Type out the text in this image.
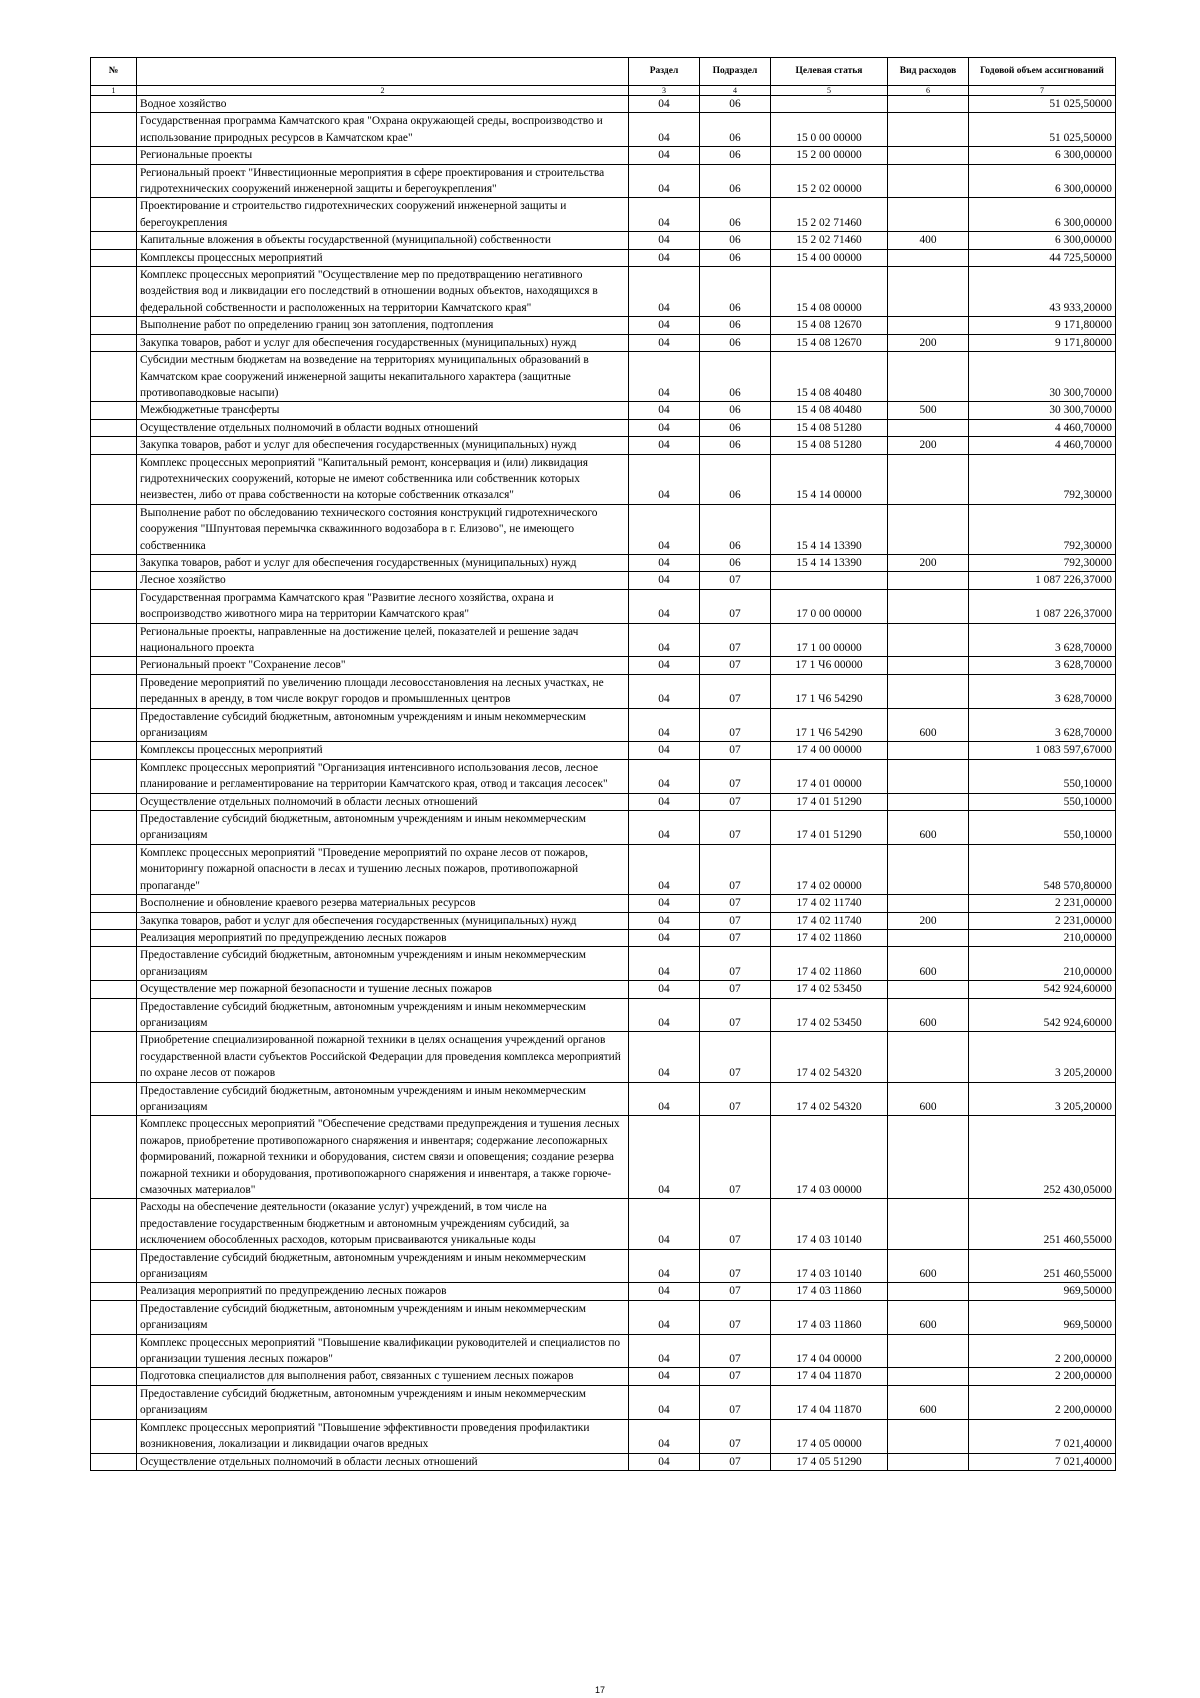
№		Раздел	Подраздел	Целевая статья	Вид расходов	Годовой объем ассигнований
1	2	3	4	5	6	7
	Водное хозяйство	04	06			51 025,50000
	Государственная программа Камчатского края "Охрана окружающей среды, воспроизводство и использование природных ресурсов в Камчатском крае"	04	06	15 0 00 00000		51 025,50000
	Региональные проекты	04	06	15 2 00 00000		6 300,00000
	Региональный проект "Инвестиционные мероприятия в сфере проектирования и строительства гидротехнических сооружений инженерной защиты и берегоукрепления"	04	06	15 2 02 00000		6 300,00000
	Проектирование и строительство гидротехнических сооружений инженерной защиты и берегоукрепления	04	06	15 2 02 71460		6 300,00000
	Капитальные вложения в объекты государственной (муниципальной) собственности	04	06	15 2 02 71460	400	6 300,00000
	Комплексы процессных мероприятий	04	06	15 4 00 00000		44 725,50000
	Комплекс процессных мероприятий "Осуществление мер по предотвращению негативного воздействия вод и ликвидации его последствий в отношении водных объектов, находящихся в федеральной собственности и расположенных на территории Камчатского края"	04	06	15 4 08 00000		43 933,20000
	Выполнение работ по определению границ зон затопления, подтопления	04	06	15 4 08 12670		9 171,80000
	Закупка товаров, работ и услуг для обеспечения государственных (муниципальных) нужд	04	06	15 4 08 12670	200	9 171,80000
	Субсидии местным бюджетам на возведение на территориях муниципальных образований в Камчатском крае сооружений инженерной защиты некапитального характера (защитные противопаводковые насыпи)	04	06	15 4 08 40480		30 300,70000
	Межбюджетные трансферты	04	06	15 4 08 40480	500	30 300,70000
	Осуществление отдельных полномочий в области водных отношений	04	06	15 4 08 51280		4 460,70000
	Закупка товаров, работ и услуг для обеспечения государственных (муниципальных) нужд	04	06	15 4 08 51280	200	4 460,70000
	Комплекс процессных мероприятий "Капитальный ремонт, консервация и (или) ликвидация гидротехнических сооружений, которые не имеют собственника или собственник которых неизвестен, либо от права собственности на которые собственник отказался"	04	06	15 4 14 00000		792,30000
	Выполнение работ по обследованию технического состояния конструкций гидротехнического сооружения "Шпунтовая перемычка скважинного водозабора в г. Елизово", не имеющего собственника	04	06	15 4 14 13390		792,30000
	Закупка товаров, работ и услуг для обеспечения государственных (муниципальных) нужд	04	06	15 4 14 13390	200	792,30000
	Лесное хозяйство	04	07			1 087 226,37000
	Государственная программа Камчатского края "Развитие лесного хозяйства, охрана и воспроизводство животного мира на территории Камчатского края"	04	07	17 0 00 00000		1 087 226,37000
	Региональные проекты, направленные на достижение целей, показателей и решение задач национального проекта	04	07	17 1 00 00000		3 628,70000
	Региональный проект "Сохранение лесов"	04	07	17 1 Ч6 00000		3 628,70000
	Проведение мероприятий по увеличению площади лесовосстановления на лесных участках, не переданных в аренду, в том числе вокруг городов и промышленных центров	04	07	17 1 Ч6 54290		3 628,70000
	Предоставление субсидий бюджетным, автономным учреждениям и иным некоммерческим организациям	04	07	17 1 Ч6 54290	600	3 628,70000
	Комплексы процессных мероприятий	04	07	17 4 00 00000		1 083 597,67000
	Комплекс процессных мероприятий "Организация интенсивного использования лесов, лесное планирование и регламентирование на территории Камчатского края, отвод и таксация лесосек"	04	07	17 4 01 00000		550,10000
	Осуществление отдельных полномочий в области лесных отношений	04	07	17 4 01 51290		550,10000
	Предоставление субсидий бюджетным, автономным учреждениям и иным некоммерческим организациям	04	07	17 4 01 51290	600	550,10000
	Комплекс процессных мероприятий "Проведение мероприятий по охране лесов от пожаров, мониторингу пожарной опасности в лесах и тушению лесных пожаров, противопожарной пропаганде"	04	07	17 4 02 00000		548 570,80000
	Восполнение и обновление краевого резерва материальных ресурсов	04	07	17 4 02 11740		2 231,00000
	Закупка товаров, работ и услуг для обеспечения государственных (муниципальных) нужд	04	07	17 4 02 11740	200	2 231,00000
	Реализация мероприятий по предупреждению лесных пожаров	04	07	17 4 02 11860		210,00000
	Предоставление субсидий бюджетным, автономным учреждениям и иным некоммерческим организациям	04	07	17 4 02 11860	600	210,00000
	Осуществление мер пожарной безопасности и тушение лесных пожаров	04	07	17 4 02 53450		542 924,60000
	Предоставление субсидий бюджетным, автономным учреждениям и иным некоммерческим организациям	04	07	17 4 02 53450	600	542 924,60000
	Приобретение специализированной пожарной техники в целях оснащения учреждений органов государственной власти субъектов Российской Федерации для проведения комплекса мероприятий по охране лесов от пожаров	04	07	17 4 02 54320		3 205,20000
	Предоставление субсидий бюджетным, автономным учреждениям и иным некоммерческим организациям	04	07	17 4 02 54320	600	3 205,20000
	Комплекс процессных мероприятий "Обеспечение средствами предупреждения и тушения лесных пожаров, приобретение противопожарного снаряжения и инвентаря; содержание лесопожарных формирований, пожарной техники и оборудования, систем связи и оповещения; создание резерва пожарной техники и оборудования, противопожарного снаряжения и инвентаря, а также горюче-смазочных материалов"	04	07	17 4 03 00000		252 430,05000
	Расходы на обеспечение деятельности (оказание услуг) учреждений, в том числе на предоставление государственным бюджетным и автономным учреждениям субсидий, за исключением обособленных расходов, которым присваиваются уникальные коды	04	07	17 4 03 10140		251 460,55000
	Предоставление субсидий бюджетным, автономным учреждениям и иным некоммерческим организациям	04	07	17 4 03 10140	600	251 460,55000
	Реализация мероприятий по предупреждению лесных пожаров	04	07	17 4 03 11860		969,50000
	Предоставление субсидий бюджетным, автономным учреждениям и иным некоммерческим организациям	04	07	17 4 03 11860	600	969,50000
	Комплекс процессных мероприятий "Повышение квалификации руководителей и специалистов по организации тушения лесных пожаров"	04	07	17 4 04 00000		2 200,00000
	Подготовка специалистов для выполнения работ, связанных с тушением лесных пожаров	04	07	17 4 04 11870		2 200,00000
	Предоставление субсидий бюджетным, автономным учреждениям и иным некоммерческим организациям	04	07	17 4 04 11870	600	2 200,00000
	Комплекс процессных мероприятий "Повышение эффективности проведения профилактики возникновения, локализации и ликвидации очагов вредных	04	07	17 4 05 00000		7 021,40000
	Осуществление отдельных полномочий в области лесных отношений	04	07	17 4 05 51290		7 021,40000
17
